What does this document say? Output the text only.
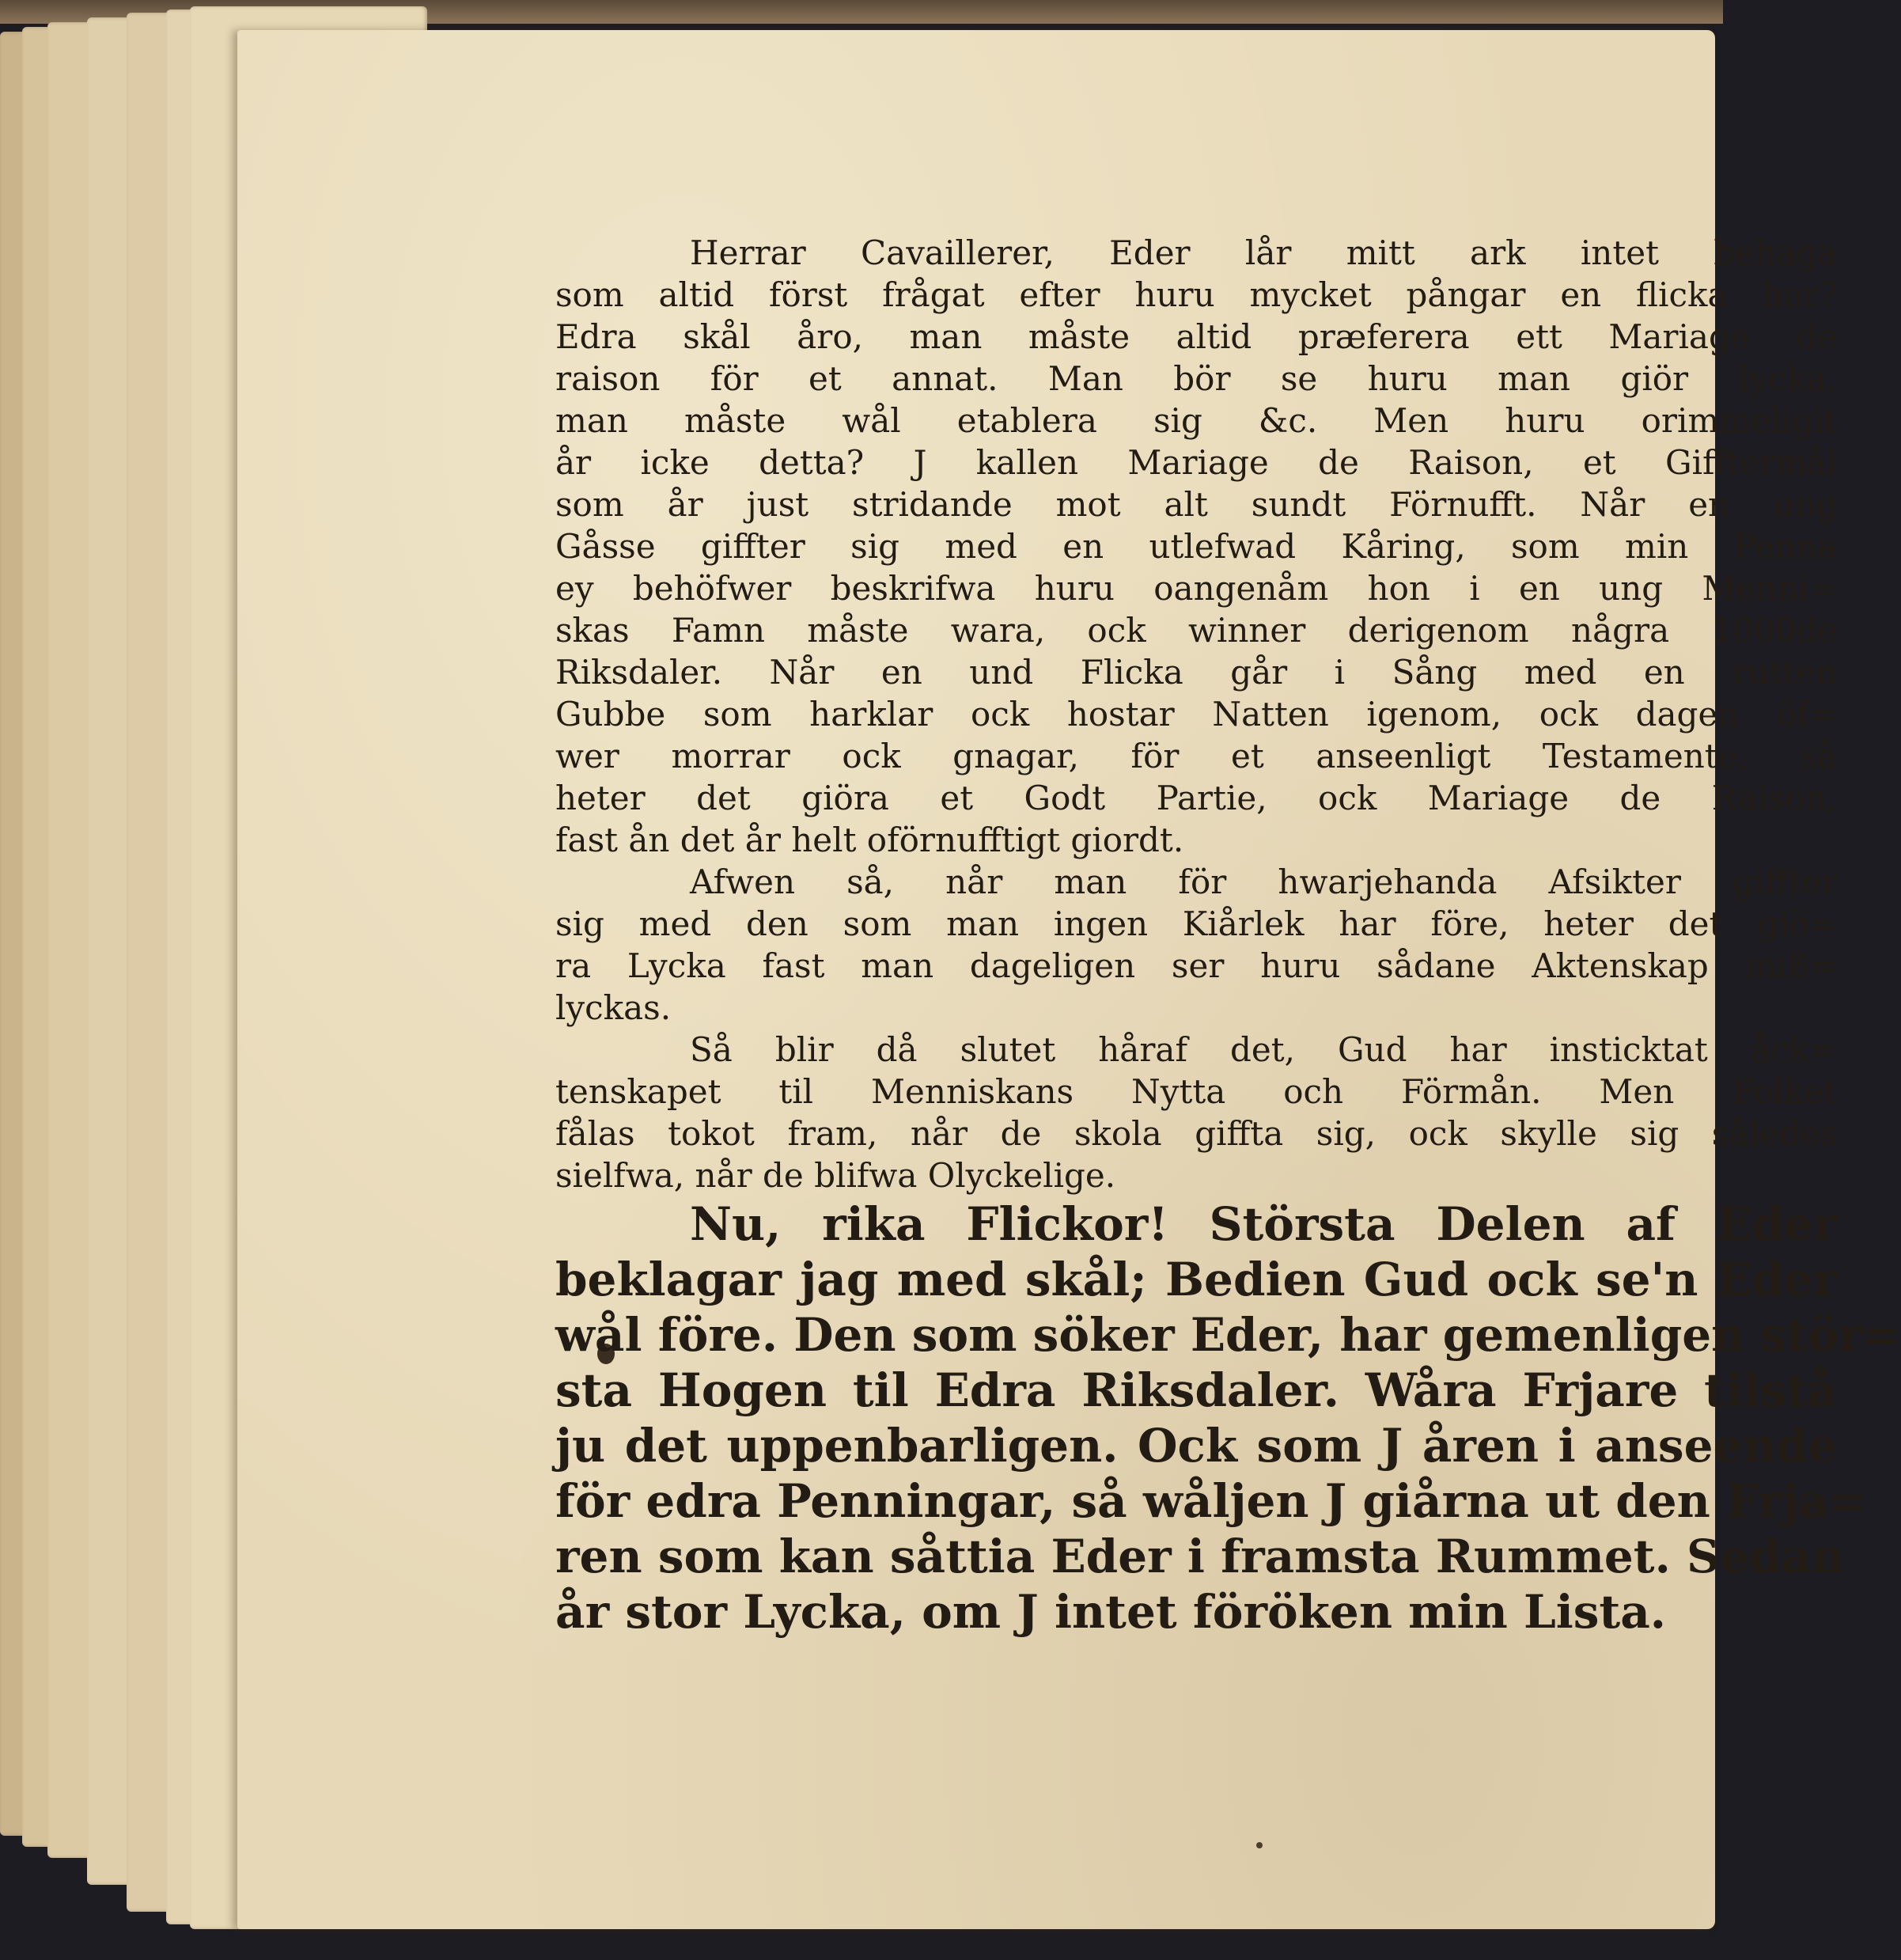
Herrar Cavaillerer, Eder lår mitt ark intet behaga
som altid först frågat efter huru mycket pångar en flicka har?
Edra skål åro, man måste altid præferera ett Mariage de
raison för et annat. Man bör se huru man giör lycka,
man måste wål etablera sig &c. Men huru orimmeligit
år icke detta? J kallen Mariage de Raison, et Gifftermål
som år just stridande mot alt sundt Förnufft. Når en ung
Gåsse giffter sig med en utlefwad Kåring, som min Penna
ey behöfwer beskrifwa huru oangenåm hon i en ung Menni=
skas Famn måste wara, ock winner derigenom några 1000de
Riksdaler. Når en und Flicka går i Sång med en rutten
Gubbe som harklar ock hostar Natten igenom, ock dagen öf=
wer morrar ock gnagar, för et anseenligt Testamente, så
heter det giöra et Godt Partie, ock Mariage de Raison,
fast ån det år helt oförnufftigt giordt.

Afwen så, når man för hwarjehanda Afsikter giffter
sig med den som man ingen Kiårlek har före, heter det giö=
ra Lycka fast man dageligen ser huru sådane Aktenskap miß=
lyckas.

Så blir då slutet håraf det, Gud har insticktat åck=
tenskapet til Menniskans Nytta och Förmån. Men Folket
fålas tokot fram, når de skola giffta sig, ock skylle sig således
sielfwa, når de blifwa Olyckelige.

Nu, rika Flickor! Största Delen af Eder
beklagar jag med skål; Bedien Gud ock se'n Eder
wål före. Den som söker Eder, har gemenligen stör=
sta Hogen til Edra Riksdaler. Wåra Frjare tilstå
ju det uppenbarligen. Ock som J åren i anseende
för edra Penningar, så wåljen J giårna ut den Frja=
ren som kan såttia Eder i framsta Rummet. Sedan
år stor Lycka, om J intet föröken min Lista.
